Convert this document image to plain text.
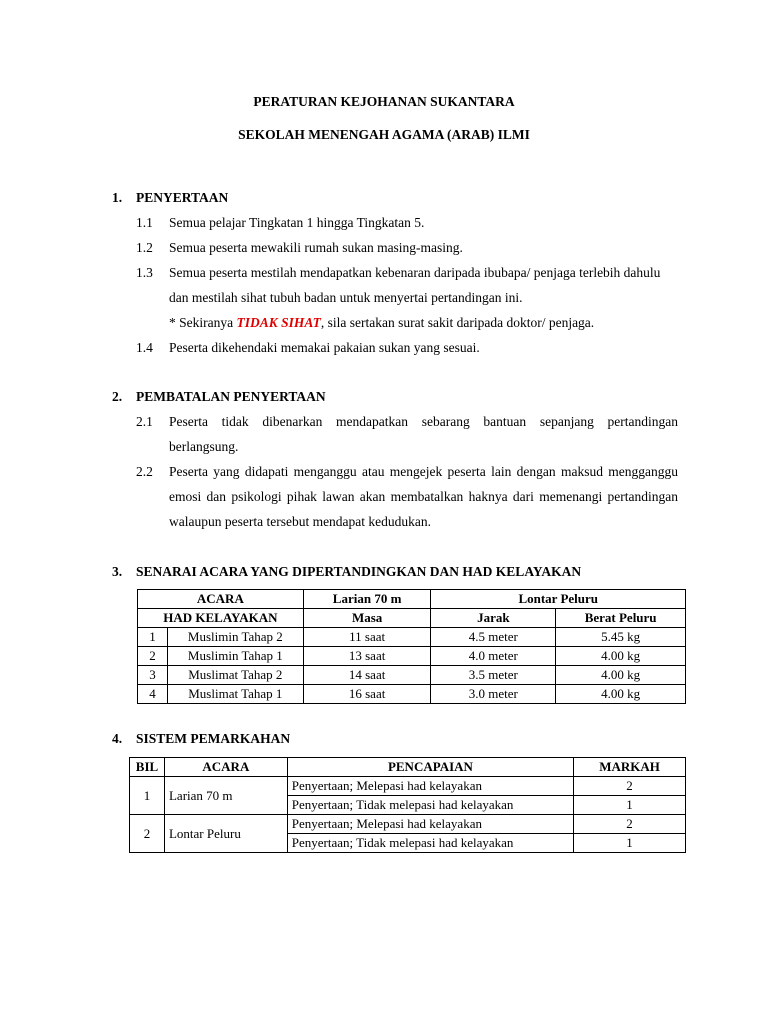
PERATURAN KEJOHANAN SUKANTARA
SEKOLAH MENENGAH AGAMA (ARAB) ILMI
1. PENYERTAAN
1.1 Semua pelajar Tingkatan 1 hingga Tingkatan 5.
1.2 Semua peserta mewakili rumah sukan masing-masing.
1.3 Semua peserta mestilah mendapatkan kebenaran daripada ibubapa/ penjaga terlebih dahulu dan mestilah sihat tubuh badan untuk menyertai pertandingan ini.
* Sekiranya TIDAK SIHAT, sila sertakan surat sakit daripada doktor/ penjaga.
1.4 Peserta dikehendaki memakai pakaian sukan yang sesuai.
2. PEMBATALAN PENYERTAAN
2.1 Peserta tidak dibenarkan mendapatkan sebarang bantuan sepanjang pertandingan berlangsung.
2.2 Peserta yang didapati menganggu atau mengejek peserta lain dengan maksud mengganggu emosi dan psikologi pihak lawan akan membatalkan haknya dari memenangi pertandingan walaupun peserta tersebut mendapat kedudukan.
3. SENARAI ACARA YANG DIPERTANDINGKAN DAN HAD KELAYAKAN
ACARA		Larian 70 m	Lontar Peluru	
HAD KELAYAKAN		Masa	Jarak	Berat Peluru
1	Muslimin Tahap 2	11 saat	4.5 meter	5.45 kg
2	Muslimin Tahap 1	13 saat	4.0 meter	4.00 kg
3	Muslimat Tahap 2	14 saat	3.5 meter	4.00 kg
4	Muslimat Tahap 1	16 saat	3.0 meter	4.00 kg
4. SISTEM PEMARKAHAN
BIL	ACARA	PENCAPAIAN	MARKAH
1	Larian 70 m	Penyertaan; Melepasi had kelayakan	2
		Penyertaan; Tidak melepasi had kelayakan	1
2	Lontar Peluru	Penyertaan; Melepasi had kelayakan	2
		Penyertaan; Tidak melepasi had kelayakan	1
